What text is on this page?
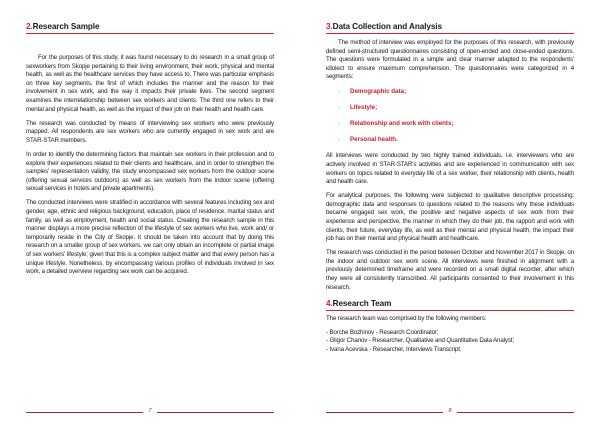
2.Research Sample

For the purposes of this study, it was found necessary to do research in a small group of sexworkers from Skopje pertaining to their living environment, their work, physical and mental health, as well as the healthcare services they have access to. There was particular emphasis on three key segments, the first of which includes the manner and the reason for their involvement in sex work, and the way it impacts their private lives. The second segment examines the interrelationship between sex workers and clients. The third one refers to their mental and physical health, as well as the impact of their job on their health and health care.

The research was conducted by means of interviewing sex workers who were previously mapped. All respondents are sex workers who are currently engaged in sex work and are STAR-STAR members.

In order to identify the determining factors that maintain sex workers in their profession and to explore their experiences related to their clients and healthcare, and in order to strengthen the samples' representation validity, the study encompassed sex workers from the outdoor scene (offering sexual services outdoors) as well as sex workers from the indoor scene (offering sexual services in hotels and private apartments).

The conducted interviews were stratified in accordance with several features including sex and gender, age, ethnic and religious background, education, place of residence, marital status and family, as well as employment, health and social status. Creating the research sample in this manner displays a more precise reflection of the lifestyle of sex workers who live, work and/ or temporarily reside in the City of Skopje. It should be taken into account that by doing this research on a smaller group of sex workers, we can only obtain an incomplete or partial image of sex workers' lifestyle; given that this is a complex subject matter and that every person has a unique lifestyle. Nonetheless, by encompassing various profiles of individuals involved in sex work, a detailed overview regarding sex work can be acquired.

7
3.Data Collection and Analysis

The method of interview was employed for the purposes of this research, with previously defined semi-structured questionnaires consisting of open-ended and close-ended questions. The questions were formulated in a simple and clear manner adapted to the respondents' idiolect to ensure maximum comprehension. The questionnaires were categorized in 4 segments:

- Demographic data;
- Lifestyle;
- Relationship and work with clients;
- Personal health.

All interviews were conducted by two highly trained individuals, i.e. interviewers who are actively involved in STAR-STAR's activities and are experienced in communication with sex workers on topics related to everyday life of a sex worker, their relationship with clients, health and health care.

For analytical purposes, the following were subjected to qualitative descriptive processing: demographic data and responses to questions related to the reasons why these individuals became engaged sex work, the positive and negative aspects of sex work from their experience and perspective, the manner in which they do their job, the rapport and work with clients, their future, everyday life, as well as their mental and physical health, the impact their job has on their mental and physical health and healthcare.

The research was conducted in the period between October and November 2017 in Skopje, on the indoor and outdoor sex work scene. All interviews were finished in alignment with a previously determined timeframe and were recorded on a small digital recorder, after which they were all consistently transcribed. All participants consented to their involvement in this research.

4.Research Team

The research team was comprised by the following members:

- Borche Bozhinov - Research Coordinator;
- Gligor Chanov - Researcher, Qualitative and Quantitative Data Analyst;
- Ivana Acevska - Researcher, Interviews Transcript.
8
